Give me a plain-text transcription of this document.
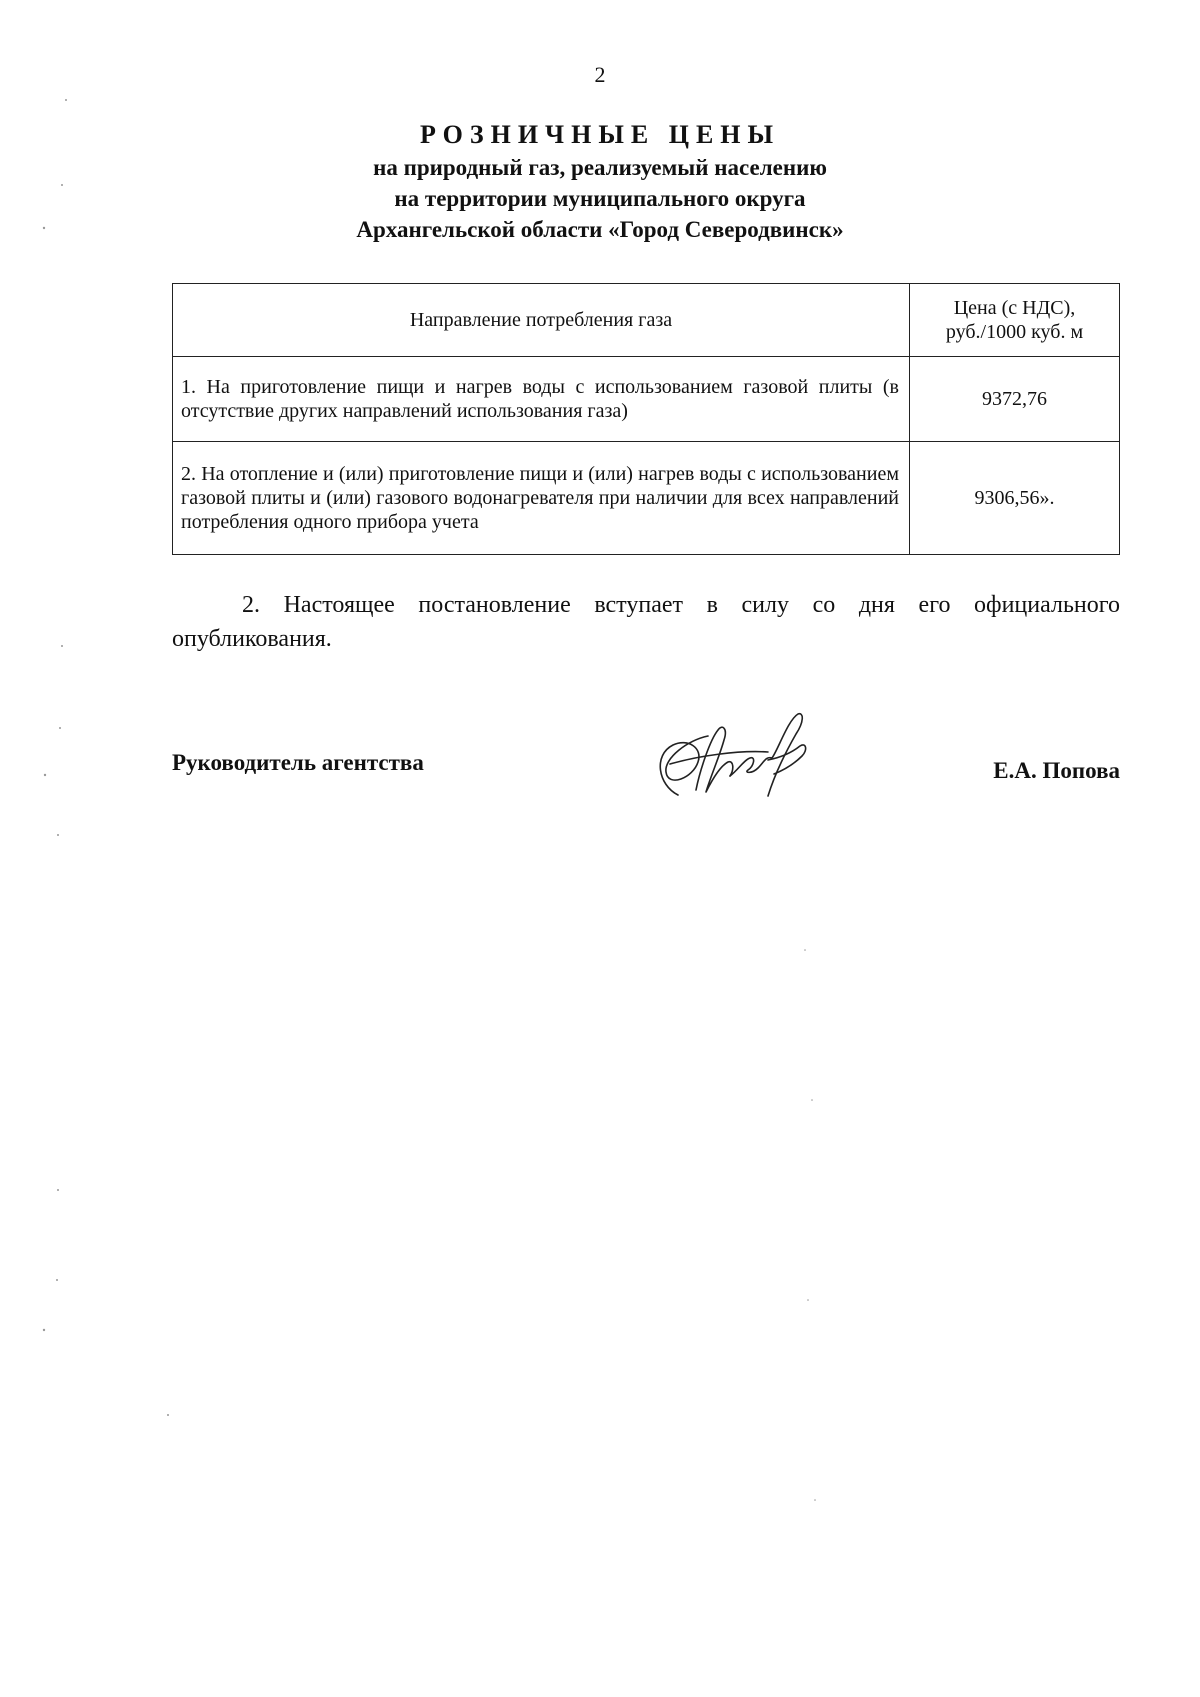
2
РОЗНИЧНЫЕ ЦЕНЫ
на природный газ, реализуемый населению
на территории муниципального округа
Архангельской области «Город Северодвинск»
Направление потребления газа	Цена (с НДС),
руб./1000 куб. м

1. На приготовление пищи и нагрев воды с использованием газовой плиты (в отсутствие других направлений использования газа)	9372,76
2. На отопление и (или) приготовление пищи и (или) нагрев воды с использованием газовой плиты и (или) газового водонагревателя при наличии для всех направлений потребления одного прибора учета	9306,56».
2. Настоящее постановление вступает в силу со дня его официального опубликования.
Руководитель агентства	Е.А. Попова
